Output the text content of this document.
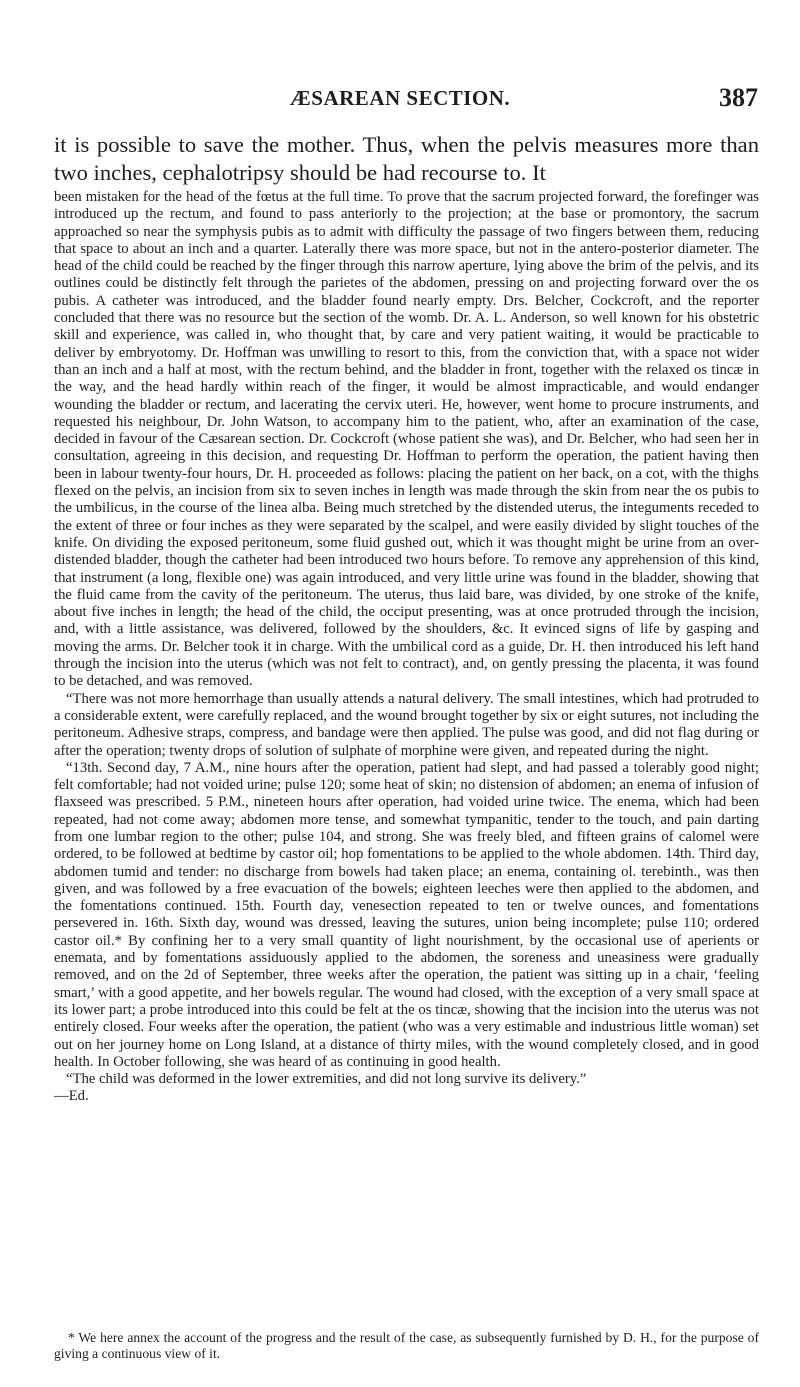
ÆSAREAN SECTION.	387

it is possible to save the mother. Thus, when the pelvis measures more than two inches, cephalotripsy should be had recourse to. It

been mistaken for the head of the fœtus at the full time. To prove that the sacrum projected forward, the forefinger was introduced up the rectum, and found to pass anteriorly to the projection; at the base or promontory, the sacrum approached so near the symphysis pubis as to admit with difficulty the passage of two fingers between them, reducing that space to about an inch and a quarter. Laterally there was more space, but not in the antero-posterior diameter. The head of the child could be reached by the finger through this narrow aperture, lying above the brim of the pelvis, and its outlines could be distinctly felt through the parietes of the abdomen, pressing on and projecting forward over the os pubis. A catheter was introduced, and the bladder found nearly empty. Drs. Belcher, Cockcroft, and the reporter concluded that there was no resource but the section of the womb. Dr. A. L. Anderson, so well known for his obstetric skill and experience, was called in, who thought that, by care and very patient waiting, it would be practicable to deliver by embryotomy. Dr. Hoffman was unwilling to resort to this, from the conviction that, with a space not wider than an inch and a half at most, with the rectum behind, and the bladder in front, together with the relaxed os tincæ in the way, and the head hardly within reach of the finger, it would be almost impracticable, and would endanger wounding the bladder or rectum, and lacerating the cervix uteri. He, however, went home to procure instruments, and requested his neighbour, Dr. John Watson, to accompany him to the patient, who, after an examination of the case, decided in favour of the Cæsarean section. Dr. Cockcroft (whose patient she was), and Dr. Belcher, who had seen her in consultation, agreeing in this decision, and requesting Dr. Hoffman to perform the operation, the patient having then been in labour twenty-four hours, Dr. H. proceeded as follows: placing the patient on her back, on a cot, with the thighs flexed on the pelvis, an incision from six to seven inches in length was made through the skin from near the os pubis to the umbilicus, in the course of the linea alba. Being much stretched by the distended uterus, the integuments receded to the extent of three or four inches as they were separated by the scalpel, and were easily divided by slight touches of the knife. On dividing the exposed peritoneum, some fluid gushed out, which it was thought might be urine from an over-distended bladder, though the catheter had been introduced two hours before. To remove any apprehension of this kind, that instrument (a long, flexible one) was again introduced, and very little urine was found in the bladder, showing that the fluid came from the cavity of the peritoneum. The uterus, thus laid bare, was divided, by one stroke of the knife, about five inches in length; the head of the child, the occiput presenting, was at once protruded through the incision, and, with a little assistance, was delivered, followed by the shoulders, &c. It evinced signs of life by gasping and moving the arms. Dr. Belcher took it in charge. With the umbilical cord as a guide, Dr. H. then introduced his left hand through the incision into the uterus (which was not felt to contract), and, on gently pressing the placenta, it was found to be detached, and was removed.

“There was not more hemorrhage than usually attends a natural delivery. The small intestines, which had protruded to a considerable extent, were carefully replaced, and the wound brought together by six or eight sutures, not including the peritoneum. Adhesive straps, compress, and bandage were then applied. The pulse was good, and did not flag during or after the operation; twenty drops of solution of sulphate of morphine were given, and repeated during the night.

“13th. Second day, 7 A.M., nine hours after the operation, patient had slept, and had passed a tolerably good night; felt comfortable; had not voided urine; pulse 120; some heat of skin; no distension of abdomen; an enema of infusion of flaxseed was prescribed. 5 P.M., nineteen hours after operation, had voided urine twice. The enema, which had been repeated, had not come away; abdomen more tense, and somewhat tympanitic, tender to the touch, and pain darting from one lumbar region to the other; pulse 104, and strong. She was freely bled, and fifteen grains of calomel were ordered, to be followed at bedtime by castor oil; hop fomentations to be applied to the whole abdomen. 14th. Third day, abdomen tumid and tender: no discharge from bowels had taken place; an enema, containing ol. terebinth., was then given, and was followed by a free evacuation of the bowels; eighteen leeches were then applied to the abdomen, and the fomentations continued. 15th. Fourth day, venesection repeated to ten or twelve ounces, and fomentations persevered in. 16th. Sixth day, wound was dressed, leaving the sutures, union being incomplete; pulse 110; ordered castor oil.* By confining her to a very small quantity of light nourishment, by the occasional use of aperients or enemata, and by fomentations assiduously applied to the abdomen, the soreness and uneasiness were gradually removed, and on the 2d of September, three weeks after the operation, the patient was sitting up in a chair, ‘feeling smart,’ with a good appetite, and her bowels regular. The wound had closed, with the exception of a very small space at its lower part; a probe introduced into this could be felt at the os tincæ, showing that the incision into the uterus was not entirely closed. Four weeks after the operation, the patient (who was a very estimable and industrious little woman) set out on her journey home on Long Island, at a distance of thirty miles, with the wound completely closed, and in good health. In October following, she was heard of as continuing in good health.

“The child was deformed in the lower extremities, and did not long survive its delivery.”

—Ed.

* We here annex the account of the progress and the result of the case, as subsequently furnished by D. H., for the purpose of giving a continuous view of it.
